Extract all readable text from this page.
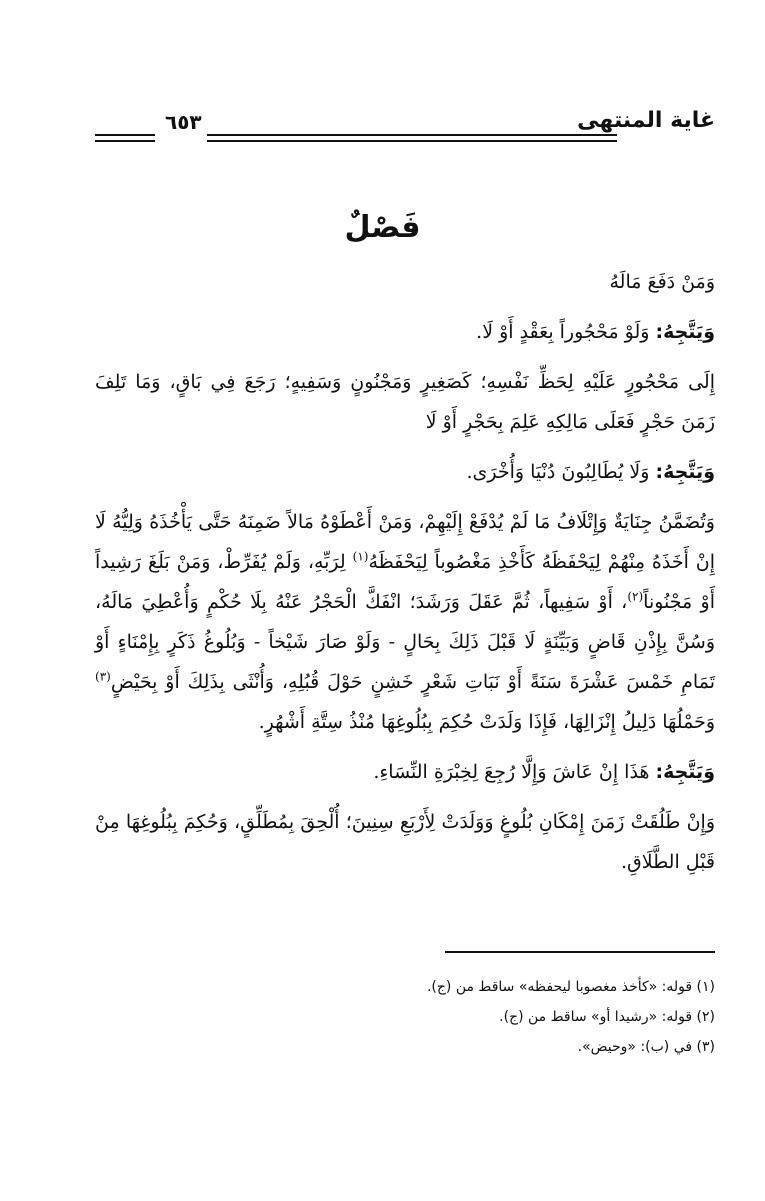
غاية المنتهى
٦٥٣
فَصْلٌ

وَمَنْ دَفَعَ مَالَهُ

وَيَتَّجِهُ: وَلَوْ مَحْجُوراً بِعَقْدٍ أَوْ لَا.

إِلَى مَحْجُورٍ عَلَيْهِ لِحَظِّ نَفْسِهِ؛ كَصَغِيرٍ وَمَجْنُونٍ وَسَفِيهٍ؛ رَجَعَ فِي بَاقٍ، وَمَا تَلِفَ زَمَنَ حَجْرٍ فَعَلَى مَالِكِهِ عَلِمَ بِحَجْرٍ أَوْ لَا

وَيَتَّجِهُ: وَلَا يُطَالِبُونَ دُنْيَا وَأُخْرَى.

وَتُضَمَّنُ جِنَايَةٌ وَإِتْلَافُ مَا لَمْ يُدْفَعْ إِلَيْهِمْ، وَمَنْ أَعْطَوْهُ مَالاً ضَمِنَهُ حَتَّى يَأْخُذَهُ وَلِيُّهُ لَا إِنْ أَخَذَهُ مِنْهُمْ لِيَحْفَظَهُ كَأَخْذِ مَغْصُوباً لِيَحْفَظَهُ$^{(١)}$ لِرَبِّهِ، وَلَمْ يُفَرِّطْ، وَمَنْ بَلَغَ رَشِيداً أَوْ مَجْنُوناً$^{(٢)}$، أَوْ سَفِيهاً، ثُمَّ عَقَلَ وَرَشَدَ؛ انْفَكَّ الْحَجْرُ عَنْهُ بِلَا حُكْمٍ وَأُعْطِيَ مَالَهُ، وَسُنَّ بِإِذْنِ قَاضٍ وَبَيِّنَةٍ لَا قَبْلَ ذَلِكَ بِحَالٍ - وَلَوْ صَارَ شَيْخاً - وَبُلُوغُ ذَكَرٍ بِإِمْنَاءٍ أَوْ تَمَامِ خَمْسَ عَشْرَةَ سَنَةً أَوْ نَبَاتِ شَعْرٍ خَشِنٍ حَوْلَ قُبُلِهِ، وَأُنْثَى بِذَلِكَ أَوْ بِحَيْضٍ$^{(٣)}$ وَحَمْلُهَا دَلِيلُ إِنْزَالِهَا، فَإِذَا وَلَدَتْ حُكِمَ بِبُلُوغِهَا مُنْذُ سِتَّةِ أَشْهُرٍ.

وَيَتَّجِهُ: هَذَا إِنْ عَاشَ وَإِلَّا رُجِعَ لِخِبْرَةِ النِّسَاءِ.

وَإِنْ طَلُقَتْ زَمَنَ إِمْكَانِ بُلُوغٍ وَوَلَدَتْ لِأَرْبَعِ سِنِينَ؛ أُلْحِقَ بِمُطَلِّقٍ، وَحُكِمَ بِبُلُوغِهَا مِنْ قَبْلِ الطَّلَاقِ.

(١) قوله: «كأخذ مغصوبا ليحفظه» ساقط من (ج).
(٢) قوله: «رشيدا أو» ساقط من (ج).
(٣) في (ب): «وحيض».
